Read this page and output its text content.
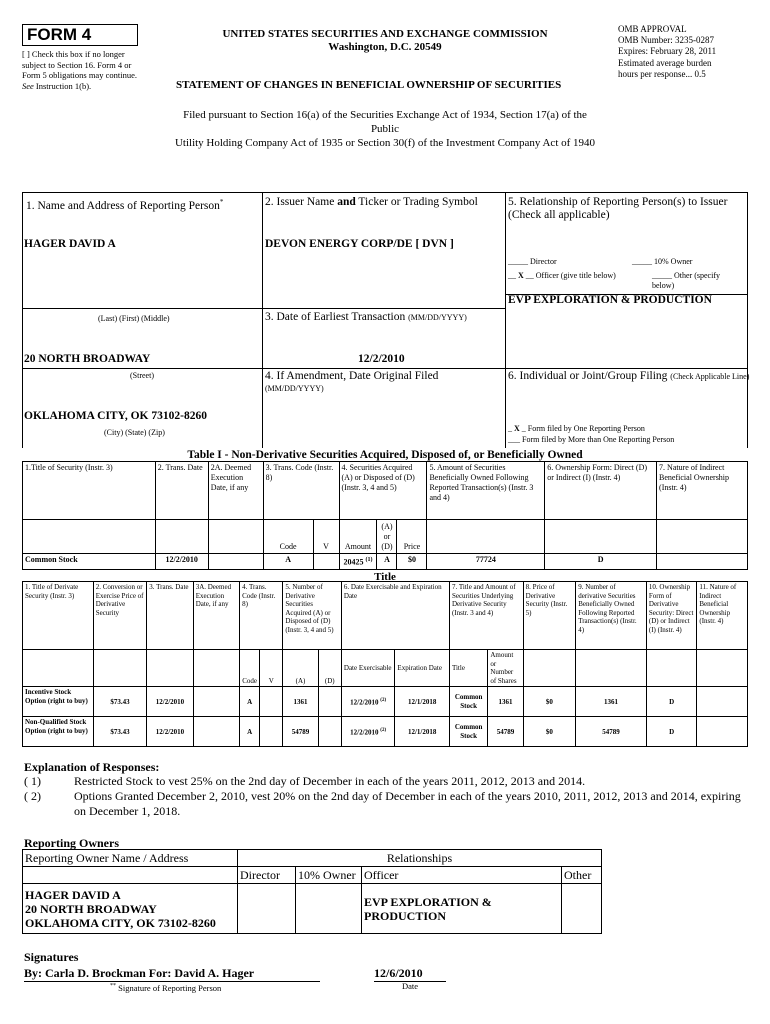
FORM 4
[ ] Check this box if no longer subject to Section 16. Form 4 or Form 5 obligations may continue. See Instruction 1(b).
UNITED STATES SECURITIES AND EXCHANGE COMMISSION
Washington, D.C. 20549
STATEMENT OF CHANGES IN BENEFICIAL OWNERSHIP OF SECURITIES
OMB APPROVAL
OMB Number: 3235-0287
Expires: February 28, 2011
Estimated average burden
hours per response... 0.5
Filed pursuant to Section 16(a) of the Securities Exchange Act of 1934, Section 17(a) of the
Public
Utility Holding Company Act of 1935 or Section 30(f) of the Investment Company Act of 1940
1. Name and Address of Reporting Person*
HAGER DAVID A
(Last) (First) (Middle)
20 NORTH BROADWAY
(Street)
OKLAHOMA CITY, OK 73102-8260
(City) (State) (Zip)
2. Issuer Name and Ticker or Trading Symbol
DEVON ENERGY CORP/DE [ DVN ]
3. Date of Earliest Transaction (MM/DD/YYYY)
12/2/2010
4. If Amendment, Date Original Filed
(MM/DD/YYYY)
5. Relationship of Reporting Person(s) to Issuer
(Check all applicable)
_____ Director	_____ 10% Owner
__ X __ Officer (give title below)	_____ Other (specify below)
EVP EXPLORATION & PRODUCTION
6. Individual or Joint/Group Filing (Check Applicable Line)
_ X _ Form filed by One Reporting Person
___ Form filed by More than One Reporting Person
Table I - Non-Derivative Securities Acquired, Disposed of, or Beneficially Owned
1.Title of Security (Instr. 3)	2. Trans. Date	2A. Deemed Execution Date, if any	3. Trans. Code (Instr. 8)		4. Securities Acquired (A) or Disposed of (D) (Instr. 3, 4 and 5)			5. Amount of Securities Beneficially Owned Following Reported Transaction(s) (Instr. 3 and 4)	6. Ownership Form: Direct (D) or Indirect (I) (Instr. 4)	7. Nature of Indirect Beneficial Ownership (Instr. 4)
			Code	V	Amount	(A) or (D)	Price			
Common Stock	12/2/2010		A		20425 $^{(1)}$	A	$0	77724	D	
Title
1. Title of Derivate Security (Instr. 3)	2. Conversion or Exercise Price of Derivative Security	3. Trans. Date	3A. Deemed Execution Date, if any	4. Trans. Code (Instr. 8)		5. Number of Derivative Securities Acquired (A) or Disposed of (D) (Instr. 3, 4 and 5)		6. Date Exercisable and Expiration Date		7. Title and Amount of Securities Underlying Derivative Security (Instr. 3 and 4)		8. Price of Derivative Security (Instr. 5)	9. Number of derivative Securities Beneficially Owned Following Reported Transaction(s) (Instr. 4)	10. Ownership Form of Derivative Security: Direct (D) or Indirect (I) (Instr. 4)	11. Nature of Indirect Beneficial Ownership (Instr. 4)
				Code	V	(A)	(D)	Date Exercisable	Expiration Date	Title	Amount or Number of Shares				
Incentive Stock Option (right to buy)	$73.43	12/2/2010		A		1361		12/2/2010 $^{(2)}$	12/1/2018	Common Stock	1361	$0	1361	D	
Non-Qualified Stock Option (right to buy)	$73.43	12/2/2010		A		54789		12/2/2010 $^{(2)}$	12/1/2018	Common Stock	54789	$0	54789	D	
Explanation of Responses:
( 1)	Restricted Stock to vest 25% on the 2nd day of December in each of the years 2011, 2012, 2013 and 2014.
( 2)	Options Granted December 2, 2010, vest 20% on the 2nd day of December in each of the years 2010, 2011, 2012, 2013 and 2014, expiring on December 1, 2018.
Reporting Owners
Reporting Owner Name / Address	Relationships			
	Director	10% Owner	Officer	Other

HAGER DAVID A
20 NORTH BROADWAY
OKLAHOMA CITY, OK 73102-8260			EVP EXPLORATION & PRODUCTION	
Signatures
By: Carla D. Brockman For: David A. Hager	12/6/2010
** Signature of Reporting Person	Date
